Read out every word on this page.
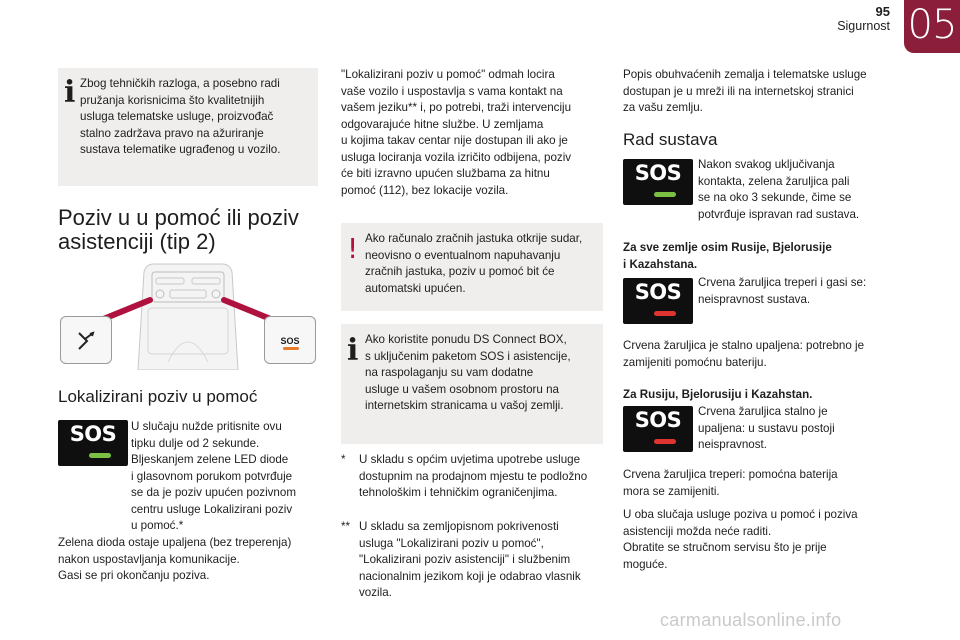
95
Sigurnost 05
i Zbog tehničkih razloga, a posebno radi

pružanja korisnicima što kvalitetnijih

usluga telematske usluge, proizvođač

stalno zadržava pravo na ažuriranje

sustava telematike ugrađenog u vozilo.

Poziv u u pomoć ili poziv

asistenciji (tip 2)

SOS
Lokalizirani poziv u pomoć
SOS	U slučaju nužde pritisnite ovu

tipku dulje od 2 sekunde.

Bljeskanjem zelene LED diode

i glasovnom porukom potvrđuje

se da je poziv upućen pozivnom

centru usluge Lokalizirani poziv

u pomoć.*

Zelena dioda ostaje upaljena (bez treperenja)

nakon uspostavljanja komunikacije.

Gasi se pri okončanju poziva.

"Lokalizirani poziv u pomoć" odmah locira

vaše vozilo i uspostavlja s vama kontakt na

vašem jeziku** i, po potrebi, traži intervenciju

odgovarajuće hitne službe. U zemljama

u kojima takav centar nije dostupan ili ako je

usluga lociranja vozila izričito odbijena, poziv

će biti izravno upućen službama za hitnu

pomoć (112), bez lokacije vozila.

! Ako računalo zračnih jastuka otkrije sudar,

neovisno o eventualnom napuhavanju

zračnih jastuka, poziv u pomoć bit će

automatski upućen.

i Ako koristite ponudu DS Connect BOX,

s uključenim paketom SOS i asistencije,

na raspolaganju su vam dodatne

usluge u vašem osobnom prostoru na

internetskim stranicama u vašoj zemlji.

* U skladu s općim uvjetima upotrebe usluge

dostupnim na prodajnom mjestu te podložno

tehnološkim i tehničkim ograničenjima.

** U skladu sa zemljopisnom pokrivenosti

usluga "Lokalizirani poziv u pomoć",

"Lokalizirani poziv asistenciji" i službenim

nacionalnim jezikom koji je odabrao vlasnik

vozila.

Popis obuhvaćenih zemalja i telematske usluge

dostupan je u mreži ili na internetskoj stranici

za vašu zemlju.

Rad sustava
SOS	Nakon svakog uključivanja

kontakta, zelena žaruljica pali

se na oko 3 sekunde, čime se

potvrđuje ispravan rad sustava.

Za sve zemlje osim Rusije, Bjelorusije

i Kazahstana.

SOS	Crvena žaruljica treperi i gasi se:

neispravnost sustava.

Crvena žaruljica je stalno upaljena: potrebno je

zamijeniti pomoćnu bateriju.

Za Rusiju, Bjelorusiju i Kazahstan.
SOS	Crvena žaruljica stalno je

upaljena: u sustavu postoji

neispravnost.

Crvena žaruljica treperi: pomoćna baterija

mora se zamijeniti.

U oba slučaja usluge poziva u pomoć i poziva

asistenciji možda neće raditi.

Obratite se stručnom servisu što je prije

moguće.

carmanualsonline.info
